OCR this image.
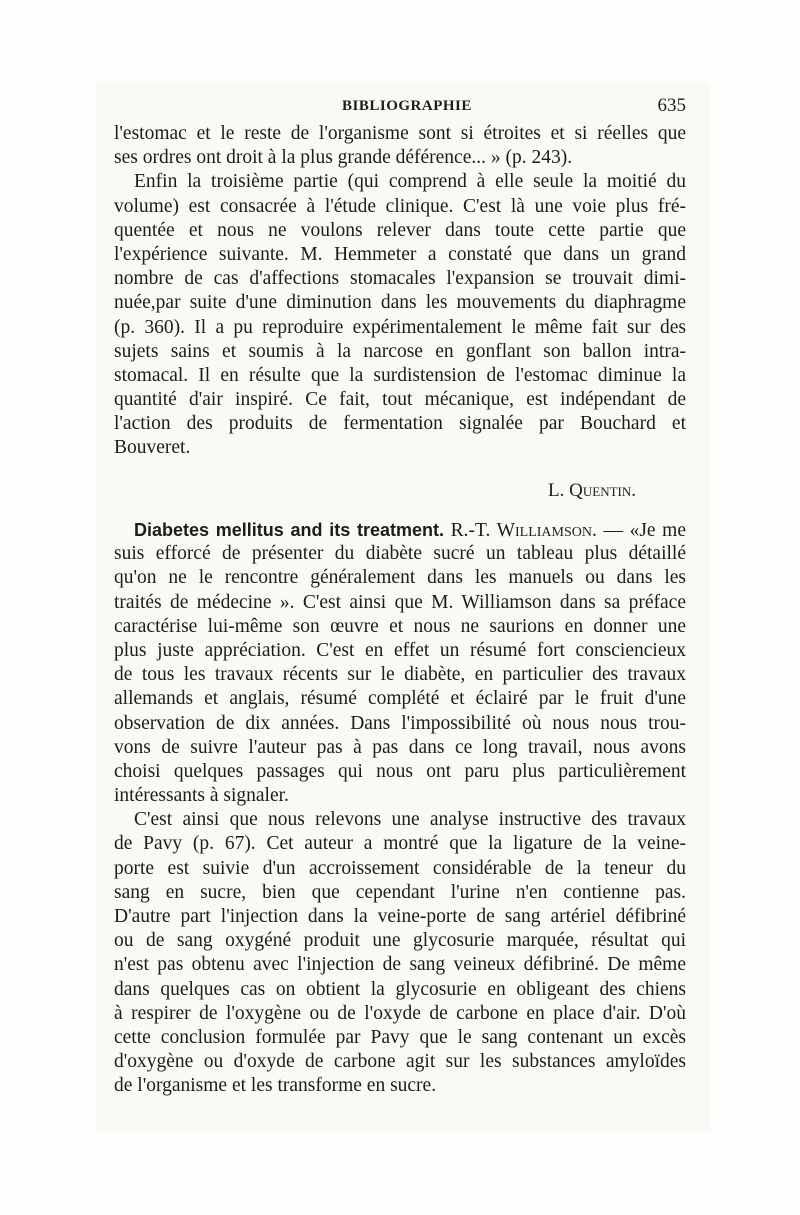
BIBLIOGRAPHIE	635
l'estomac et le reste de l'organisme sont si étroites et si réelles que
ses ordres ont droit à la plus grande déférence... » (p. 243).
Enfin la troisième partie (qui comprend à elle seule la moitié du
volume) est consacrée à l'étude clinique. C'est là une voie plus fré-
quentée et nous ne voulons relever dans toute cette partie que
l'expérience suivante. M. Hemmeter a constaté que dans un grand
nombre de cas d'affections stomacales l'expansion se trouvait dimi-
nuée,par suite d'une diminution dans les mouvements du diaphragme
(p. 360). Il a pu reproduire expérimentalement le même fait sur des
sujets sains et soumis à la narcose en gonflant son ballon intra-
stomacal. Il en résulte que la surdistension de l'estomac diminue la
quantité d'air inspiré. Ce fait, tout mécanique, est indépendant de
l'action des produits de fermentation signalée par Bouchard et
Bouveret.
L. Quentin.
Diabetes mellitus and its treatment. R.-T. Williamson. — «Je me
suis efforcé de présenter du diabète sucré un tableau plus détaillé
qu'on ne le rencontre généralement dans les manuels ou dans les
traités de médecine ». C'est ainsi que M. Williamson dans sa préface
caractérise lui-même son œuvre et nous ne saurions en donner une
plus juste appréciation. C'est en effet un résumé fort consciencieux
de tous les travaux récents sur le diabète, en particulier des travaux
allemands et anglais, résumé complété et éclairé par le fruit d'une
observation de dix années. Dans l'impossibilité où nous nous trou-
vons de suivre l'auteur pas à pas dans ce long travail, nous avons
choisi quelques passages qui nous ont paru plus particulièrement
intéressants à signaler.
C'est ainsi que nous relevons une analyse instructive des travaux
de Pavy (p. 67). Cet auteur a montré que la ligature de la veine-
porte est suivie d'un accroissement considérable de la teneur du
sang en sucre, bien que cependant l'urine n'en contienne pas.
D'autre part l'injection dans la veine-porte de sang artériel défibriné
ou de sang oxygéné produit une glycosurie marquée, résultat qui
n'est pas obtenu avec l'injection de sang veineux défibriné. De même
dans quelques cas on obtient la glycosurie en obligeant des chiens
à respirer de l'oxygène ou de l'oxyde de carbone en place d'air. D'où
cette conclusion formulée par Pavy que le sang contenant un excès
d'oxygène ou d'oxyde de carbone agit sur les substances amyloïdes
de l'organisme et les transforme en sucre.
